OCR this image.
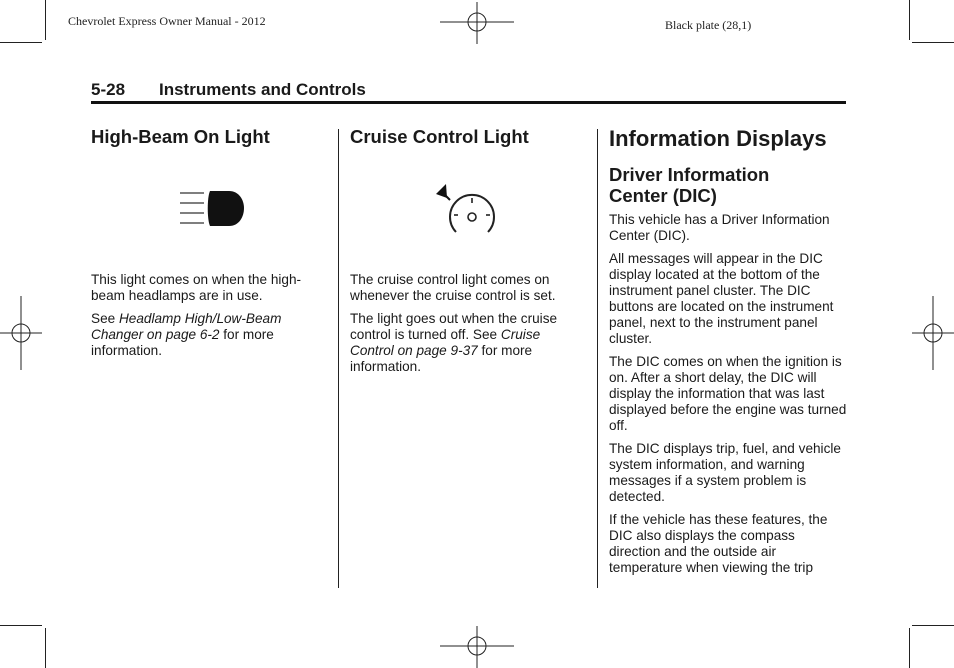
Chevrolet Express Owner Manual - 2012	Black plate (28,1)
5-28 Instruments and Controls
High-Beam On Light

This light comes on when the high-beam headlamps are in use.

See Headlamp High/Low-Beam Changer on page 6-2 for more information.

Cruise Control Light

The cruise control light comes on whenever the cruise control is set.

The light goes out when the cruise control is turned off. See Cruise Control on page 9-37 for more information.

Information Displays
Driver Information
Center (DIC)

This vehicle has a Driver Information Center (DIC).

All messages will appear in the DIC display located at the bottom of the instrument panel cluster. The DIC buttons are located on the instrument panel, next to the instrument panel cluster.

The DIC comes on when the ignition is on. After a short delay, the DIC will display the information that was last displayed before the engine was turned off.

The DIC displays trip, fuel, and vehicle system information, and warning messages if a system problem is detected.

If the vehicle has these features, the DIC also displays the compass direction and the outside air temperature when viewing the trip
